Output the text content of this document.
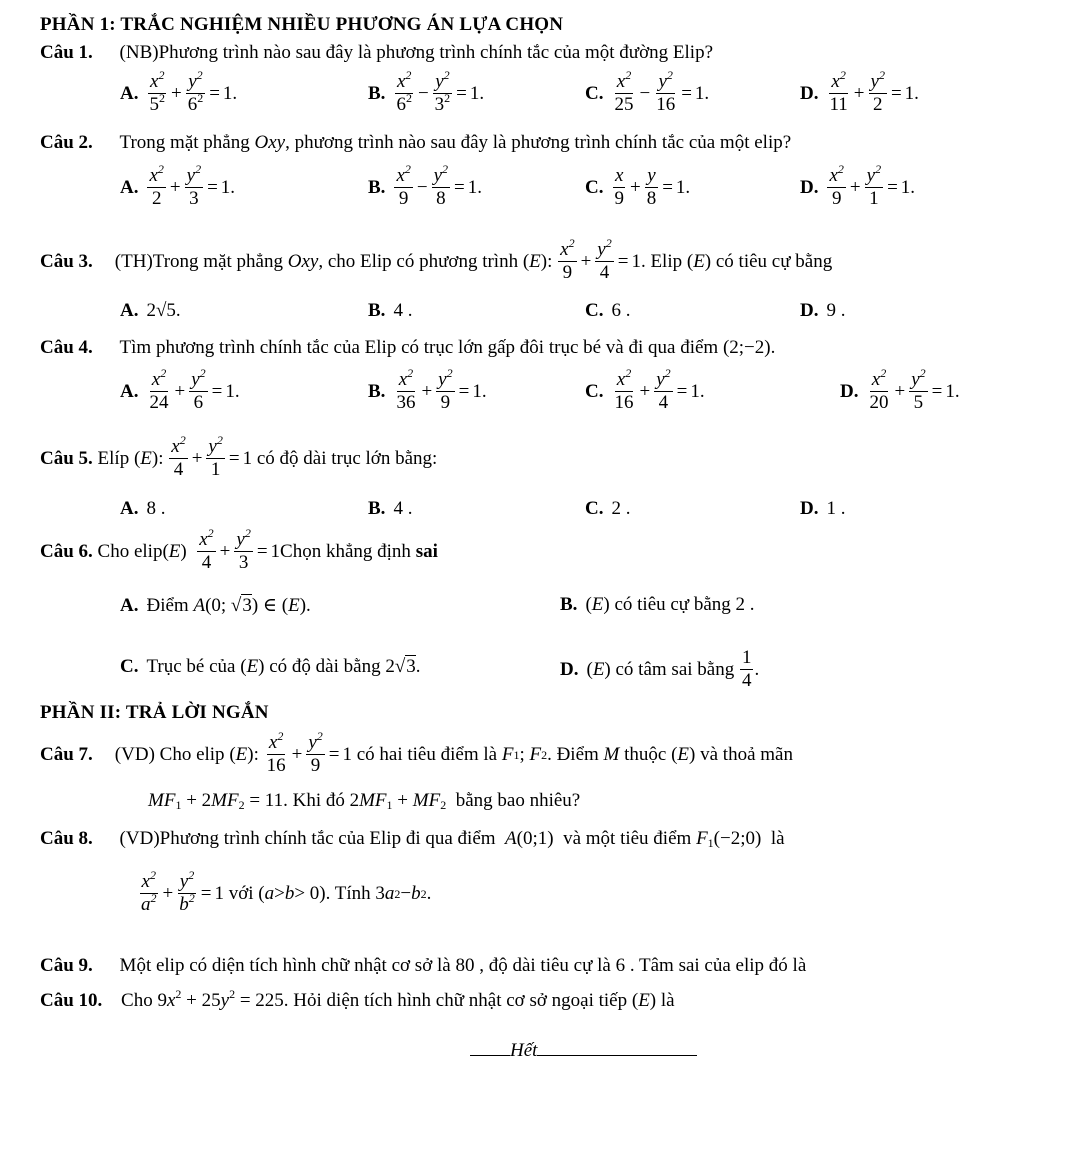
PHẦN 1: TRẮC NGHIỆM NHIỀU PHƯƠNG ÁN LỰA CHỌN
Câu 1. (NB)Phương trình nào sau đây là phương trình chính tắc của một đường Elip?
A. $\frac{x^2}{5^2} + \frac{y^2}{6^2} = 1$.	B. $\frac{x^2}{6^2} - \frac{y^2}{3^2} = 1$.	C. $\frac{x^2}{25} - \frac{y^2}{16} = 1$.	D. $\frac{x^2}{11} + \frac{y^2}{2} = 1$.
Câu 2. Trong mặt phẳng Oxy, phương trình nào sau đây là phương trình chính tắc của một elip?
A. $\frac{x^2}{2} + \frac{y^2}{3} = 1$.	B. $\frac{x^2}{9} - \frac{y^2}{8} = 1$.	C. $\frac{x}{9} + \frac{y}{8} = 1$.	D. $\frac{x^2}{9} + \frac{y^2}{1} = 1$.
Câu 3. (TH)Trong mặt phẳng
Oxy , cho Elip có phương trình
( E ): $\frac{x^2}{9} + \frac{y^2}{4} = 1$ . Elip ( E ) có tiêu cự bằng
A. 2√5.	B. 4 .	C. 6 .	D. 9 .
Câu 4. Tìm phương trình chính tắc của Elip có trục lớn gấp đôi trục bé và đi qua điểm (2;−2).
A. $\frac{x^2}{24} + \frac{y^2}{6} = 1$.	B. $\frac{x^2}{36} + \frac{y^2}{9} = 1$.	C. $\frac{x^2}{16} + \frac{y^2}{4} = 1$.	D. $\frac{x^2}{20} + \frac{y^2}{5} = 1$.
Câu 5.
Elíp
( E ): $\frac{x^2}{4} + \frac{y^2}{1} = 1$
có độ dài trục lớn bằng:
A. 8 .	B. 4 .	C. 2 .	D. 1 .
Câu 6.
Cho elip ( E ) $\frac{x^2}{4} + \frac{y^2}{3} = 1$ Chọn khẳng định
sai
A. Điểm
A (0; √ 3 ) ∈ ( E ).	B. ( E ) có tiêu cự bằng 2 .
C. Trục bé của ( E ) có độ dài bằng 2√ 3 .	D. ( E ) có tâm sai bằng
$\frac{1}{4}$ .
PHẦN II: TRẢ LỜI NGẮN
Câu 7. (VD) Cho elip
( E ): $\frac{x^2}{16} + \frac{y^2}{9} = 1$
có hai tiêu điểm là
F 1 ; F 2 . Điểm
M
thuộc ( E ) và thoả mãn
$MF_1 + 2MF_2 = 11$. Khi đó $2MF_1 + MF_2$ bằng bao nhiêu?
Câu 8. (VD)Phương trình chính tắc của Elip đi qua điểm A(0;1)  và một tiêu điểm $F_1(-2;0)$  là
$\frac{x^2}{a^2} + \frac{y^2}{b^2} = 1$
với ( a > b > 0) . Tính 3 a 2 − b 2 .
Câu 9. Một elip có diện tích hình chữ nhật cơ sở là 80 , độ dài tiêu cự là 6 . Tâm sai của elip đó là
Câu 10. Cho $9x^2 + 25y^2 = 225$. Hỏi diện tích hình chữ nhật cơ sở ngoại tiếp (E) là
Hết
